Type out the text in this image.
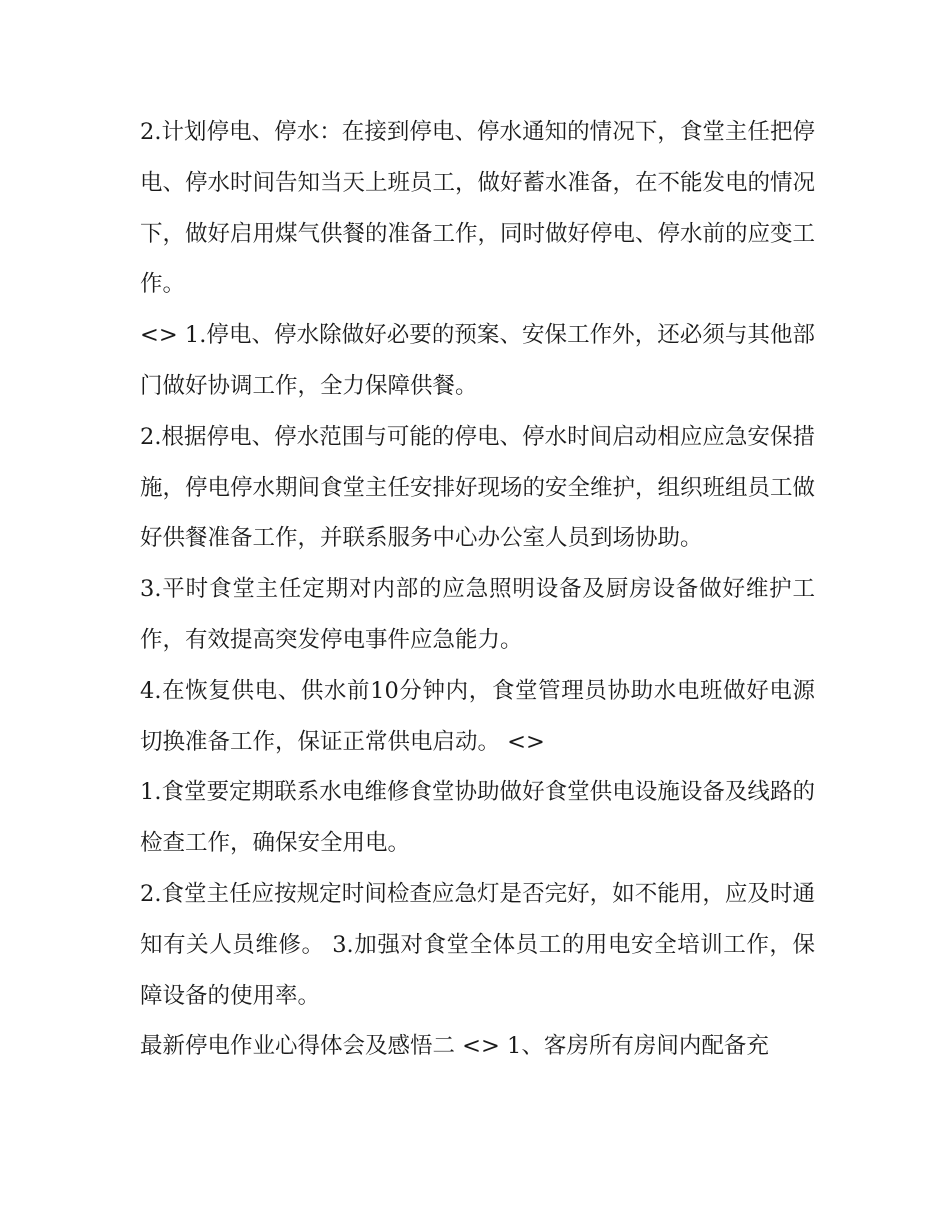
2.计划停电、停水：在接到停电、停水通知的情况下，食堂主任把停电、停水时间告知当天上班员工，做好蓄水准备，在不能发电的情况下，做好启用煤气供餐的准备工作，同时做好停电、停水前的应变工作。

<> 1.停电、停水除做好必要的预案、安保工作外，还必须与其他部门做好协调工作，全力保障供餐。

2.根据停电、停水范围与可能的停电、停水时间启动相应应急安保措施，停电停水期间食堂主任安排好现场的安全维护，组织班组员工做好供餐准备工作，并联系服务中心办公室人员到场协助。

3.平时食堂主任定期对内部的应急照明设备及厨房设备做好维护工作，有效提高突发停电事件应急能力。

4.在恢复供电、供水前10分钟内，食堂管理员协助水电班做好电源切换准备工作，保证正常供电启动。 <>

1.食堂要定期联系水电维修食堂协助做好食堂供电设施设备及线路的检查工作，确保安全用电。

2.食堂主任应按规定时间检查应急灯是否完好，如不能用，应及时通知有关人员维修。 3.加强对食堂全体员工的用电安全培训工作，保障设备的使用率。

最新停电作业心得体会及感悟二 <> 1、客房所有房间内配备充
